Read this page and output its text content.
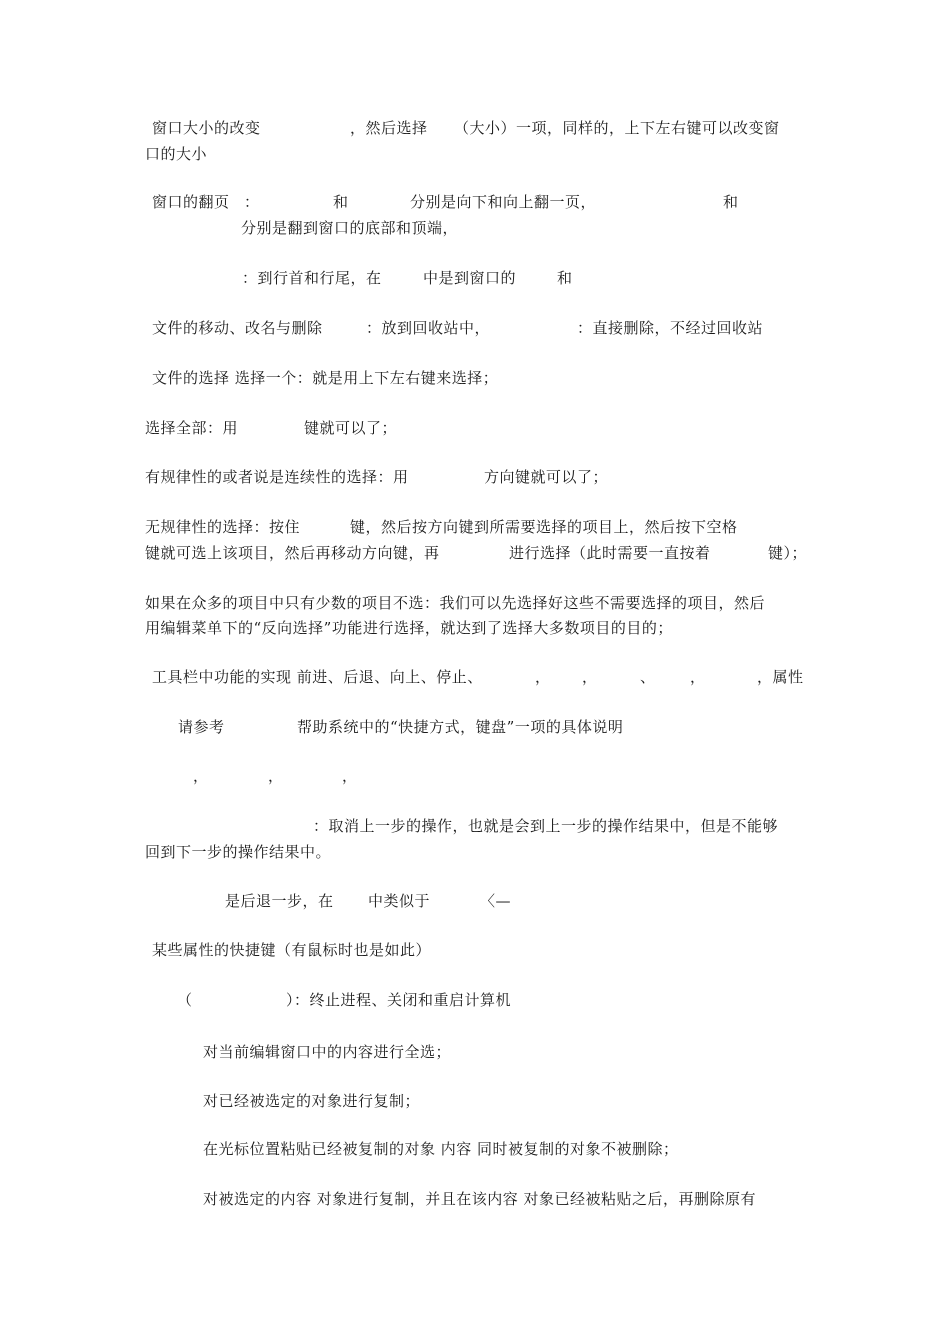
窗口大小的改变	，然后选择 （大小）一项，同样的，上下左右键可以改变窗
口的大小
窗口的翻页 ：	和	分别是向下和向上翻一页，	和
分别是翻到窗口的底部和顶端，
：到行首和行尾，在	中是到窗口的	和
文件的移动、改名与删除	：放到回收站中，	：直接删除，不经过回收站
文件的选择 选择一个：就是用上下左右键来选择；
选择全部：用	键就可以了；
有规律性的或者说是连续性的选择：用	方向键就可以了；
无规律性的选择：按住	键，然后按方向键到所需要选择的项目上，然后按下空格
键就可选上该项目，然后再移动方向键，再	进行选择（此时需要一直按着	键）；
如果在众多的项目中只有少数的项目不选：我们可以先选择好这些不需要选择的项目，然后
用编辑菜单下的“反向选择”功能进行选择，就达到了选择大多数项目的目的；
工具栏中功能的实现 前进、后退、向上、停止、	， ，	、 ，	，属性
请参考	帮助系统中的“快捷方式，键盘”一项的具体说明
，	，	，
：取消上一步的操作，也就是会到上一步的操作结果中，但是不能够
回到下一步的操作结果中。
是后退一步，在 中类似于	〈—
某些属性的快捷键（有鼠标时也是如此）
（	）：终止进程、关闭和重启计算机
对当前编辑窗口中的内容进行全选；
对已经被选定的对象进行复制；
在光标位置粘贴已经被复制的对象 内容 同时被复制的对象不被删除；
对被选定的内容 对象进行复制，并且在该内容 对象已经被粘贴之后，再删除原有
